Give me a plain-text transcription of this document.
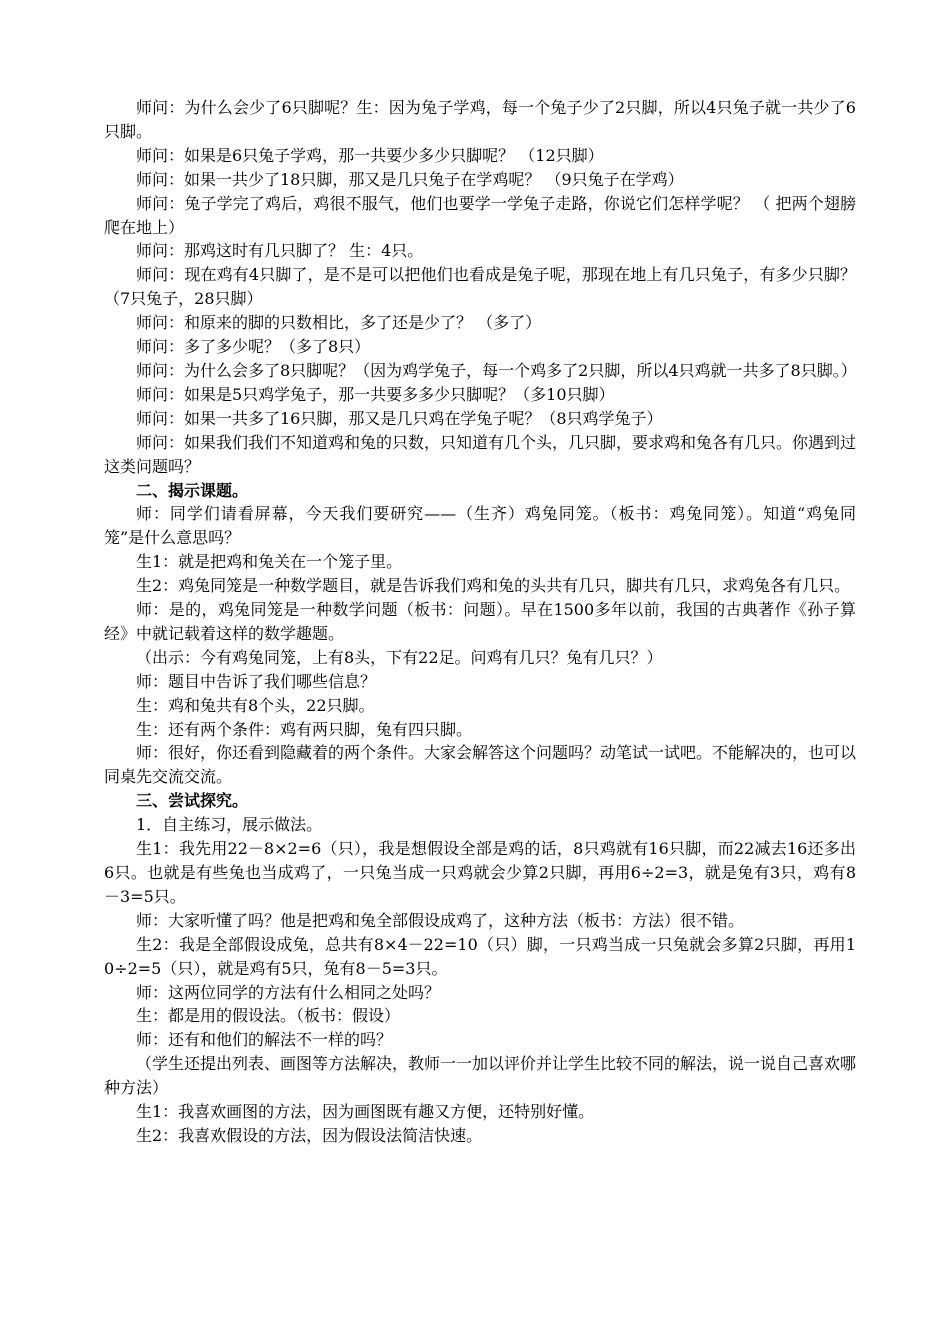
师问：为什么会少了6只脚呢？生：因为兔子学鸡，每一个兔子少了2只脚，所以4只兔子就一共少了6只脚。

师问：如果是6只兔子学鸡，那一共要少多少只脚呢？ （12只脚）

师问：如果一共少了18只脚，那又是几只兔子在学鸡呢？ （9只兔子在学鸡）

师问：兔子学完了鸡后，鸡很不服气，他们也要学一学兔子走路，你说它们怎样学呢？ （ 把两个翅膀爬在地上）

师问：那鸡这时有几只脚了？ 生：4只。

师问：现在鸡有4只脚了，是不是可以把他们也看成是兔子呢，那现在地上有几只兔子，有多少只脚？（7只兔子，28只脚）

师问：和原来的脚的只数相比，多了还是少了？ （多了）

师问：多了多少呢？（多了8只）

师问：为什么会多了8只脚呢？（因为鸡学兔子，每一个鸡多了2只脚，所以4只鸡就一共多了8只脚。）

师问：如果是5只鸡学兔子，那一共要多多少只脚呢？（多10只脚）

师问：如果一共多了16只脚，那又是几只鸡在学兔子呢？（8只鸡学兔子）

师问：如果我们我们不知道鸡和兔的只数，只知道有几个头，几只脚，要求鸡和兔各有几只。你遇到过这类问题吗？

二、揭示课题。

师：同学们请看屏幕，今天我们要研究——（生齐）鸡兔同笼。（板书：鸡兔同笼）。知道“鸡兔同笼”是什么意思吗？

生1：就是把鸡和兔关在一个笼子里。

生2：鸡兔同笼是一种数学题目，就是告诉我们鸡和兔的头共有几只，脚共有几只，求鸡兔各有几只。

师：是的，鸡兔同笼是一种数学问题（板书：问题）。早在1500多年以前，我国的古典著作《孙子算经》中就记载着这样的数学趣题。

（出示：今有鸡兔同笼，上有8头，下有22足。问鸡有几只？兔有几只？）

师：题目中告诉了我们哪些信息？

生：鸡和兔共有8个头，22只脚。

生：还有两个条件：鸡有两只脚，兔有四只脚。

师：很好，你还看到隐藏着的两个条件。大家会解答这个问题吗？动笔试一试吧。不能解决的，也可以同桌先交流交流。

三、尝试探究。

1．自主练习，展示做法。

生1：我先用22－8×2=6（只），我是想假设全部是鸡的话，8只鸡就有16只脚，而22减去16还多出6只。也就是有些兔也当成鸡了，一只兔当成一只鸡就会少算2只脚，再用6÷2=3，就是兔有3只，鸡有8－3=5只。

师：大家听懂了吗？他是把鸡和兔全部假设成鸡了，这种方法（板书：方法）很不错。

生2：我是全部假设成兔，总共有8×4－22=10（只）脚，一只鸡当成一只兔就会多算2只脚，再用10÷2=5（只），就是鸡有5只，兔有8－5=3只。

师：这两位同学的方法有什么相同之处吗？

生：都是用的假设法。（板书：假设）

师：还有和他们的解法不一样的吗？

（学生还提出列表、画图等方法解决，教师一一加以评价并让学生比较不同的解法，说一说自己喜欢哪种方法）

生1：我喜欢画图的方法，因为画图既有趣又方便，还特别好懂。

生2：我喜欢假设的方法，因为假设法简洁快速。
